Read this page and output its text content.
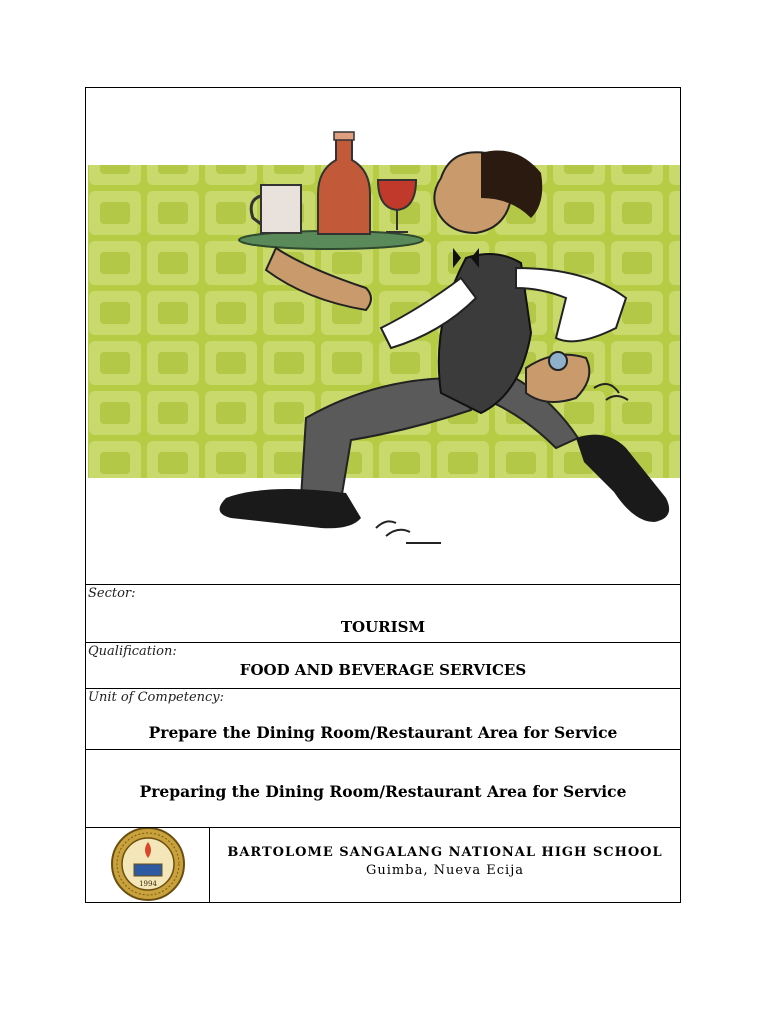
Sector:
TOURISM
Qualification:
FOOD AND BEVERAGE SERVICES
Unit of Competency:
Prepare the Dining Room/Restaurant Area for Service
Preparing the Dining Room/Restaurant Area for Service
1994
BARTOLOME SANGALANG NATIONAL HIGH SCHOOL
Guimba, Nueva Ecija
